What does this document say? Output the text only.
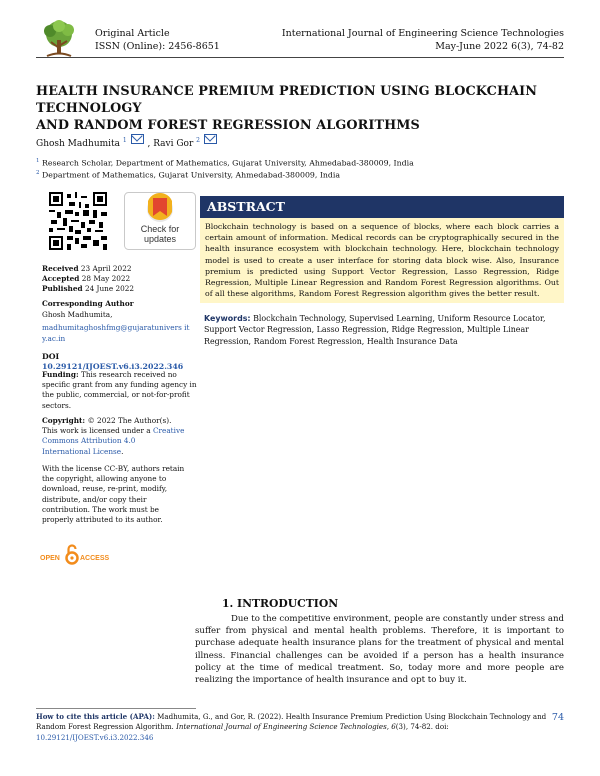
Original Article
ISSN (Online): 2456-8651
International Journal of Engineering Science Technologies
May-June 2022 6(3), 74-82
HEALTH INSURANCE PREMIUM PREDICTION USING BLOCKCHAIN TECHNOLOGY
AND RANDOM FOREST REGRESSION ALGORITHMS
Ghosh Madhumita $^1$  , Ravi Gor $^2$
$^1$ Research Scholar, Department of Mathematics, Gujarat University, Ahmedabad-380009, India
$^2$ Department of Mathematics, Gujarat University, Ahmedabad-380009, India
Check for
updates
Received 23 April 2022
Accepted 28 May 2022
Published 24 June 2022
Corresponding Author
Ghosh Madhumita,
madhumitaghoshfmg@gujaratunivers it
y.ac.in
DOI 10.29121/IJOEST.v6.i3.2022.346
Funding: This research received no
specific grant from any funding agency in
the public, commercial, or not-for-profit
sectors.
Copyright: © 2022 The Author(s).
This work is licensed under a Creative
Commons Attribution 4.0
International License.
With the license CC-BY, authors retain
the copyright, allowing anyone to
download, reuse, re-print, modify,
distribute, and/or copy their
contribution. The work must be
properly attributed to its author.
OPEN	ACCESS
ABSTRACT
Blockchain technology is based on a sequence of blocks, where each block carries a certain amount of information. Medical records can be cryptographically secured in the health insurance ecosystem with blockchain technology. Here, blockchain technology model is used to create a user interface for storing data block wise. Also, Insurance premium is predicted using Support Vector Regression, Lasso Regression, Ridge Regression, Multiple Linear Regression and Random Forest Regression algorithms. Out of all these algorithms, Random Forest Regression algorithm gives the better result.
Keywords: Blockchain Technology, Supervised Learning, Uniform Resource Locator, Support Vector Regression, Lasso Regression, Ridge Regression, Multiple Linear Regression, Random Forest Regression, Health Insurance Data
1. INTRODUCTION

Due to the competitive environment, people are constantly under stress and suffer from physical and mental health problems. Therefore, it is important to purchase adequate health insurance plans for the treatment of physical and mental illness. Financial challenges can be avoided if a person has a health insurance policy at the time of medical treatment. So, today more and more people are realizing the importance of health insurance and opt to buy it.

How to cite this article (APA): Madhumita, G., and Gor, R. (2022). Health Insurance Premium Prediction Using Blockchain Technology and Random Forest Regression Algorithm. International Journal of Engineering Science Technologies, 6(3), 74-82. doi:
10.29121/IJOEST.v6.i3.2022.346
74
